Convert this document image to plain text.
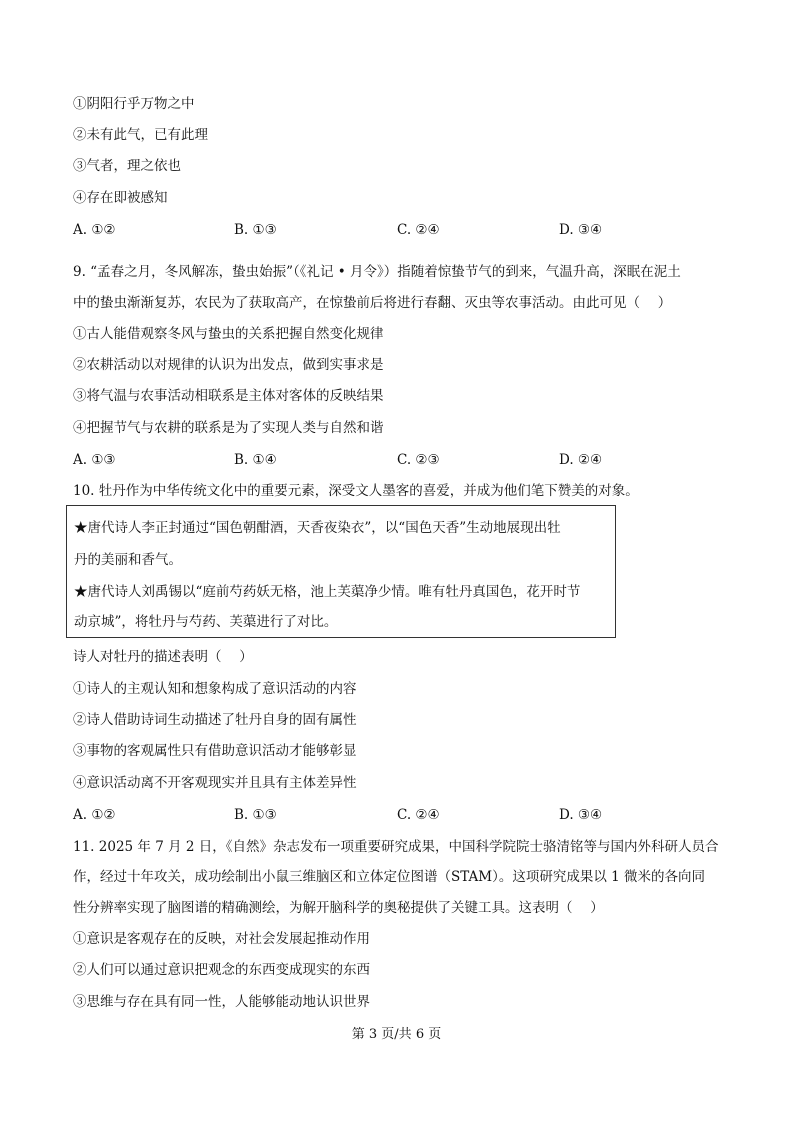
①阴阳行乎万物之中
②未有此气，已有此理
③气者，理之依也
④存在即被感知
A. ①②	B. ①③	C. ②④	D. ③④
9. “孟春之月，冬风解冻，蛰虫始振”（《礼记 • 月令》）指随着惊蛰节气的到来，气温升高，深眠在泥土
中的蛰虫渐渐复苏，农民为了获取高产，在惊蛰前后将进行春翻、灭虫等农事活动。由此可见（　 ）
①古人能借观察冬风与蛰虫的关系把握自然变化规律
②农耕活动以对规律的认识为出发点，做到实事求是
③将气温与农事活动相联系是主体对客体的反映结果
④把握节气与农耕的联系是为了实现人类与自然和谐
A. ①③	B. ①④	C. ②③	D. ②④
10. 牡丹作为中华传统文化中的重要元素，深受文人墨客的喜爱，并成为他们笔下赞美的对象。
★唐代诗人李正封通过“国色朝酣酒，天香夜染衣”，以“国色天香”生动地展现出牡
丹的美丽和香气。
★唐代诗人刘禹锡以“庭前芍药妖无格，池上芙蕖净少情。唯有牡丹真国色，花开时节
动京城”，将牡丹与芍药、芙蕖进行了对比。
诗人对牡丹的描述表明（　 ）
①诗人的主观认知和想象构成了意识活动的内容
②诗人借助诗词生动描述了牡丹自身的固有属性
③事物的客观属性只有借助意识活动才能够彰显
④意识活动离不开客观现实并且具有主体差异性
A. ①②	B. ①③	C. ②④	D. ③④
11. 2025 年 7 月 2 日，《自然》杂志发布一项重要研究成果，中国科学院院士骆清铭等与国内外科研人员合
作，经过十年攻关，成功绘制出小鼠三维脑区和立体定位图谱（STAM）。这项研究成果以 1 微米的各向同
性分辨率实现了脑图谱的精确测绘，为解开脑科学的奥秘提供了关键工具。这表明（　 ）
①意识是客观存在的反映，对社会发展起推动作用
②人们可以通过意识把观念的东西变成现实的东西
③思维与存在具有同一性，人能够能动地认识世界
第 3 页/共 6 页
